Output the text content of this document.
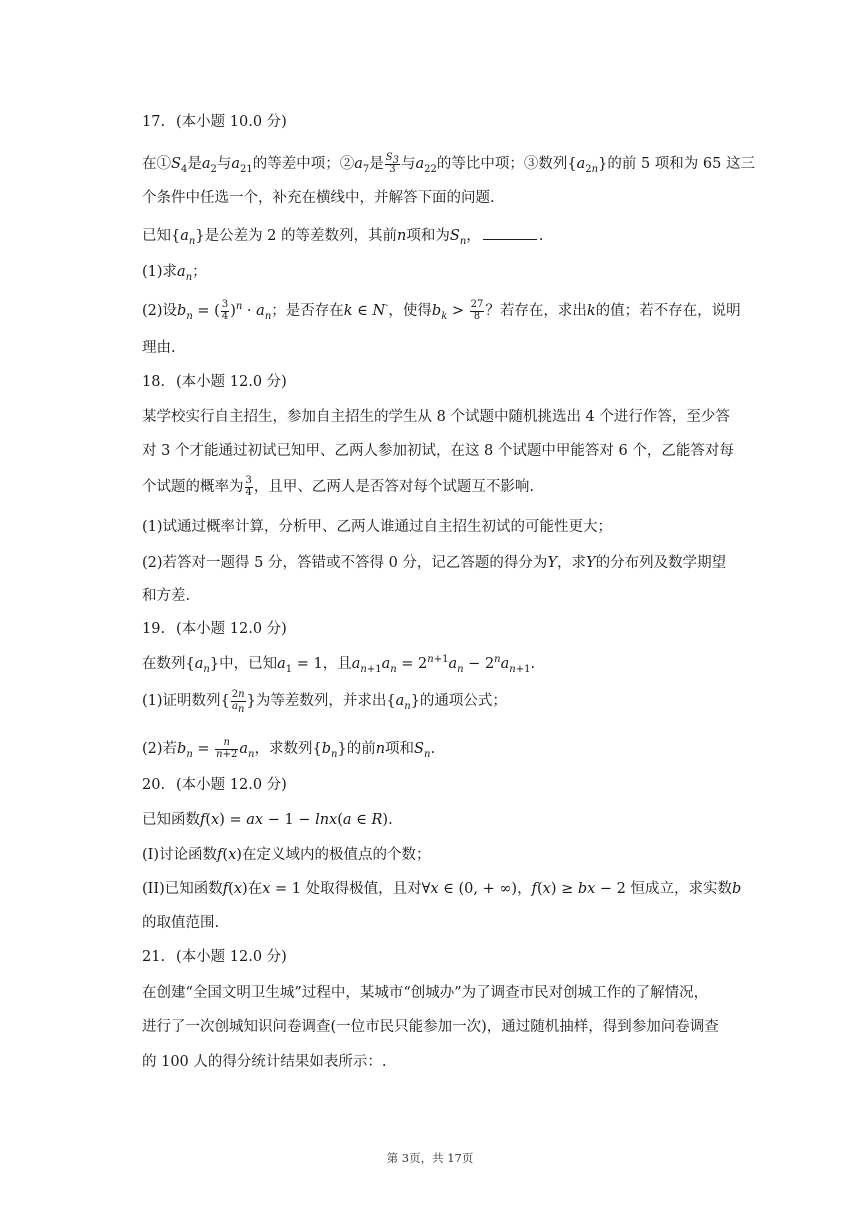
17. (本小题 10.0 分)
在$①S_4$是$a_2$与$a_{21}$的等差中项；$②a_7$是 $\frac{S_3}{3}$ 与$a_{22}$的等比中项；③数列$\{a_{2n}\}$的前 5 项和为 65 这三
个条件中任选一个，补充在横线中，并解答下面的问题.
已知$\{a_n\}$是公差为 2 的等差数列，其前n项和为$S_n$，	.
(1)求$a_n$；
(2)设$b_n$ = ( $\frac{3}{4} )^n \cdot a_n$；是否存在k ∈ N·，使得$b_k > \frac{27}{8}$ ？若存在，求出k的值；若不存在，说明
理由.
18. (本小题 12.0 分)
某学校实行自主招生，参加自主招生的学生从 8 个试题中随机挑选出 4 个进行作答，至少答
对 3 个才能通过初试已知甲、乙两人参加初试，在这 8 个试题中甲能答对 6 个，乙能答对每
个试题的概率为 $\frac{3}{4}$ ，且甲、乙两人是否答对每个试题互不影响.
(1)试通过概率计算，分析甲、乙两人谁通过自主招生初试的可能性更大；
(2)若答对一题得 5 分，答错或不答得 0 分，记乙答题的得分为Y，求Y的分布列及数学期望
和方差.
19. (本小题 12.0 分)
在数列$\{a_n\}$中，已知$a_1 = 1$，且$a_{n+1}a_n = 2^{n+1}a_n - 2^na_{n+1}$.
(1)证明数列{ $\frac{2n}{a_n}$ }为等差数列，并求出$\{a_n\}$的通项公式；
(2)若$b_n = \frac{n}{n+2} a_n$，求数列$\{b_n\}$的前n项和$S_n$.
20. (本小题 12.0 分)
已知函数f(x) = ax − 1 − lnx(a ∈ R).
(I)讨论函数f(x)在定义域内的极值点的个数；
(II)已知函数f(x)在x = 1 处取得极值，且对∀x ∈ (0, + ∞)，f(x) ≥ bx − 2 恒成立，求实数b
的取值范围.
21. (本小题 12.0 分)
在创建“全国文明卫生城”过程中，某城市“创城办”为了调查市民对创城工作的了解情况，
进行了一次创城知识问卷调查(一位市民只能参加一次)，通过随机抽样，得到参加问卷调查
的 100 人的得分统计结果如表所示：.
第 3页，共 17页
